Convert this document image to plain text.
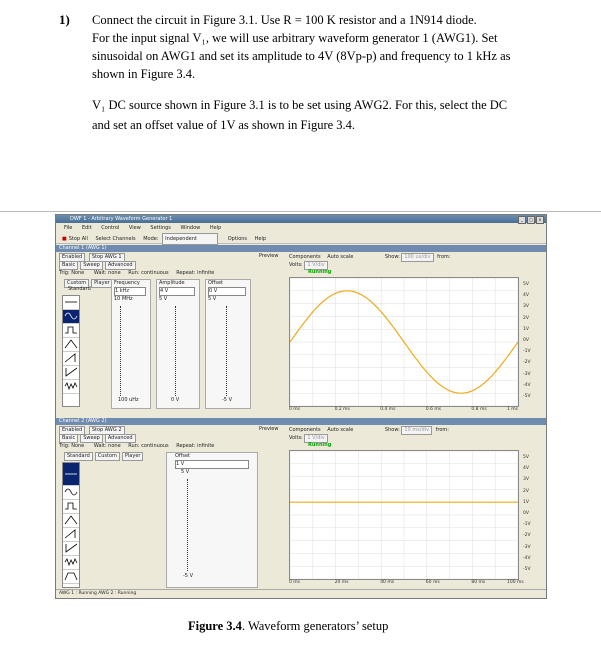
1) Connect the circuit in Figure 3.1. Use R = 100 K resistor and a 1N914 diode.
For the input signal V₁, we will use arbitrary waveform generator 1 (AWG1). Set
sinusoidal on AWG1 and set its amplitude to 4V (8Vp-p) and frequency to 1 kHz as
shown in Figure 3.4.
V₁ DC source shown in Figure 3.1 is to be set using AWG2. For this, select the DC
and set an offset value of 1V as shown in Figure 3.4.
DWF 1 - Arbitrary Waveform Generator 1	_	□	x
File Edit Control View Settings Window Help
■ Stop All Select Channels Mode: Independent	Options Help
Channel 1 (AWG 1)
Enabled Stop AWG 1	Preview
Basic Sweep Advanced
Trig: None Wait: none Run: continuous Repeat: infinite
Custom Player
Standard
Frequency
1 kHz
10 MHz
100 uHz
Amplitude
4 V
5 V
0 V
Offset
0 V
5 V
-5 V
Components Auto scale	Show: 100 us/div from:
Volts: 1 V/div
Running
5V
4V
3V
2V
1V
0V
-1V
-2V
-3V
-4V
-5V
0 ms	0.2 ms	0.4 ms	0.6 ms	0.8 ms	1 ms
Channel 2 (AWG 2)
Enabled Stop AWG 2	Preview
Basic Sweep Advanced
Trig: None Wait: none Run: continuous Repeat: infinite
Standard Custom Player	Offset
1 V
5 V
-5 V
Components Auto scale	Show: 10 ms/div from:
Volts: 1 V/div
Running
5V
4V
3V
2V
1V
0V
-1V
-2V
-3V
-4V
-5V
0 ms	20 ms	40 ms	60 ms	80 ms	100 ms
AWG 1 : Running AWG 2 : Running
Figure 3.4. Waveform generators’ setup
